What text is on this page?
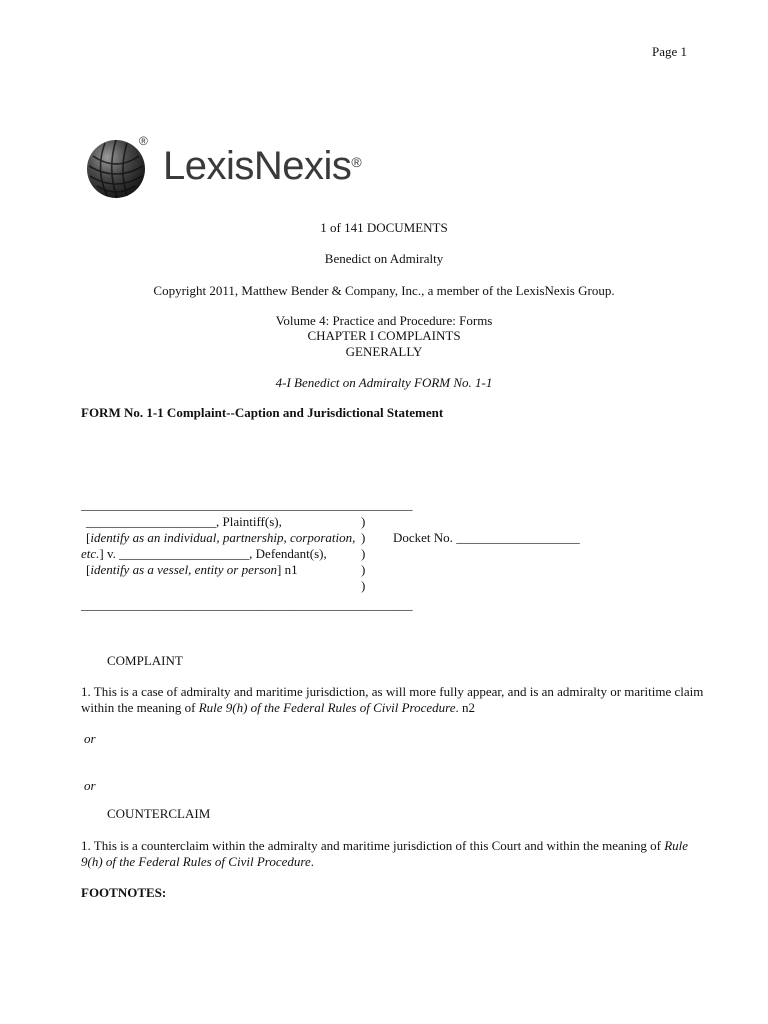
Page 1
®
LexisNexis®
1 of 141 DOCUMENTS
Benedict on Admiralty
Copyright 2011, Matthew Bender & Company, Inc., a member of the LexisNexis Group.
Volume 4: Practice and Procedure: Forms
CHAPTER I COMPLAINTS
GENERALLY
4-I Benedict on Admiralty FORM No. 1-1
FORM No. 1-1 Complaint--Caption and Jurisdictional Statement
___________________________________________________
____________________, Plaintiff(s),
[identify as an individual, partnership, corporation,
etc.] v. ____________________, Defendant(s),
[identify as a vessel, entity or person] n1
)
)
)
)
)
Docket No. ___________________
___________________________________________________
COMPLAINT
1. This is a case of admiralty and maritime jurisdiction, as will more fully appear, and is an admiralty or maritime claim
within the meaning of Rule 9(h) of the Federal Rules of Civil Procedure. n2
or
or
COUNTERCLAIM
1. This is a counterclaim within the admiralty and maritime jurisdiction of this Court and within the meaning of Rule
9(h) of the Federal Rules of Civil Procedure.
FOOTNOTES:
